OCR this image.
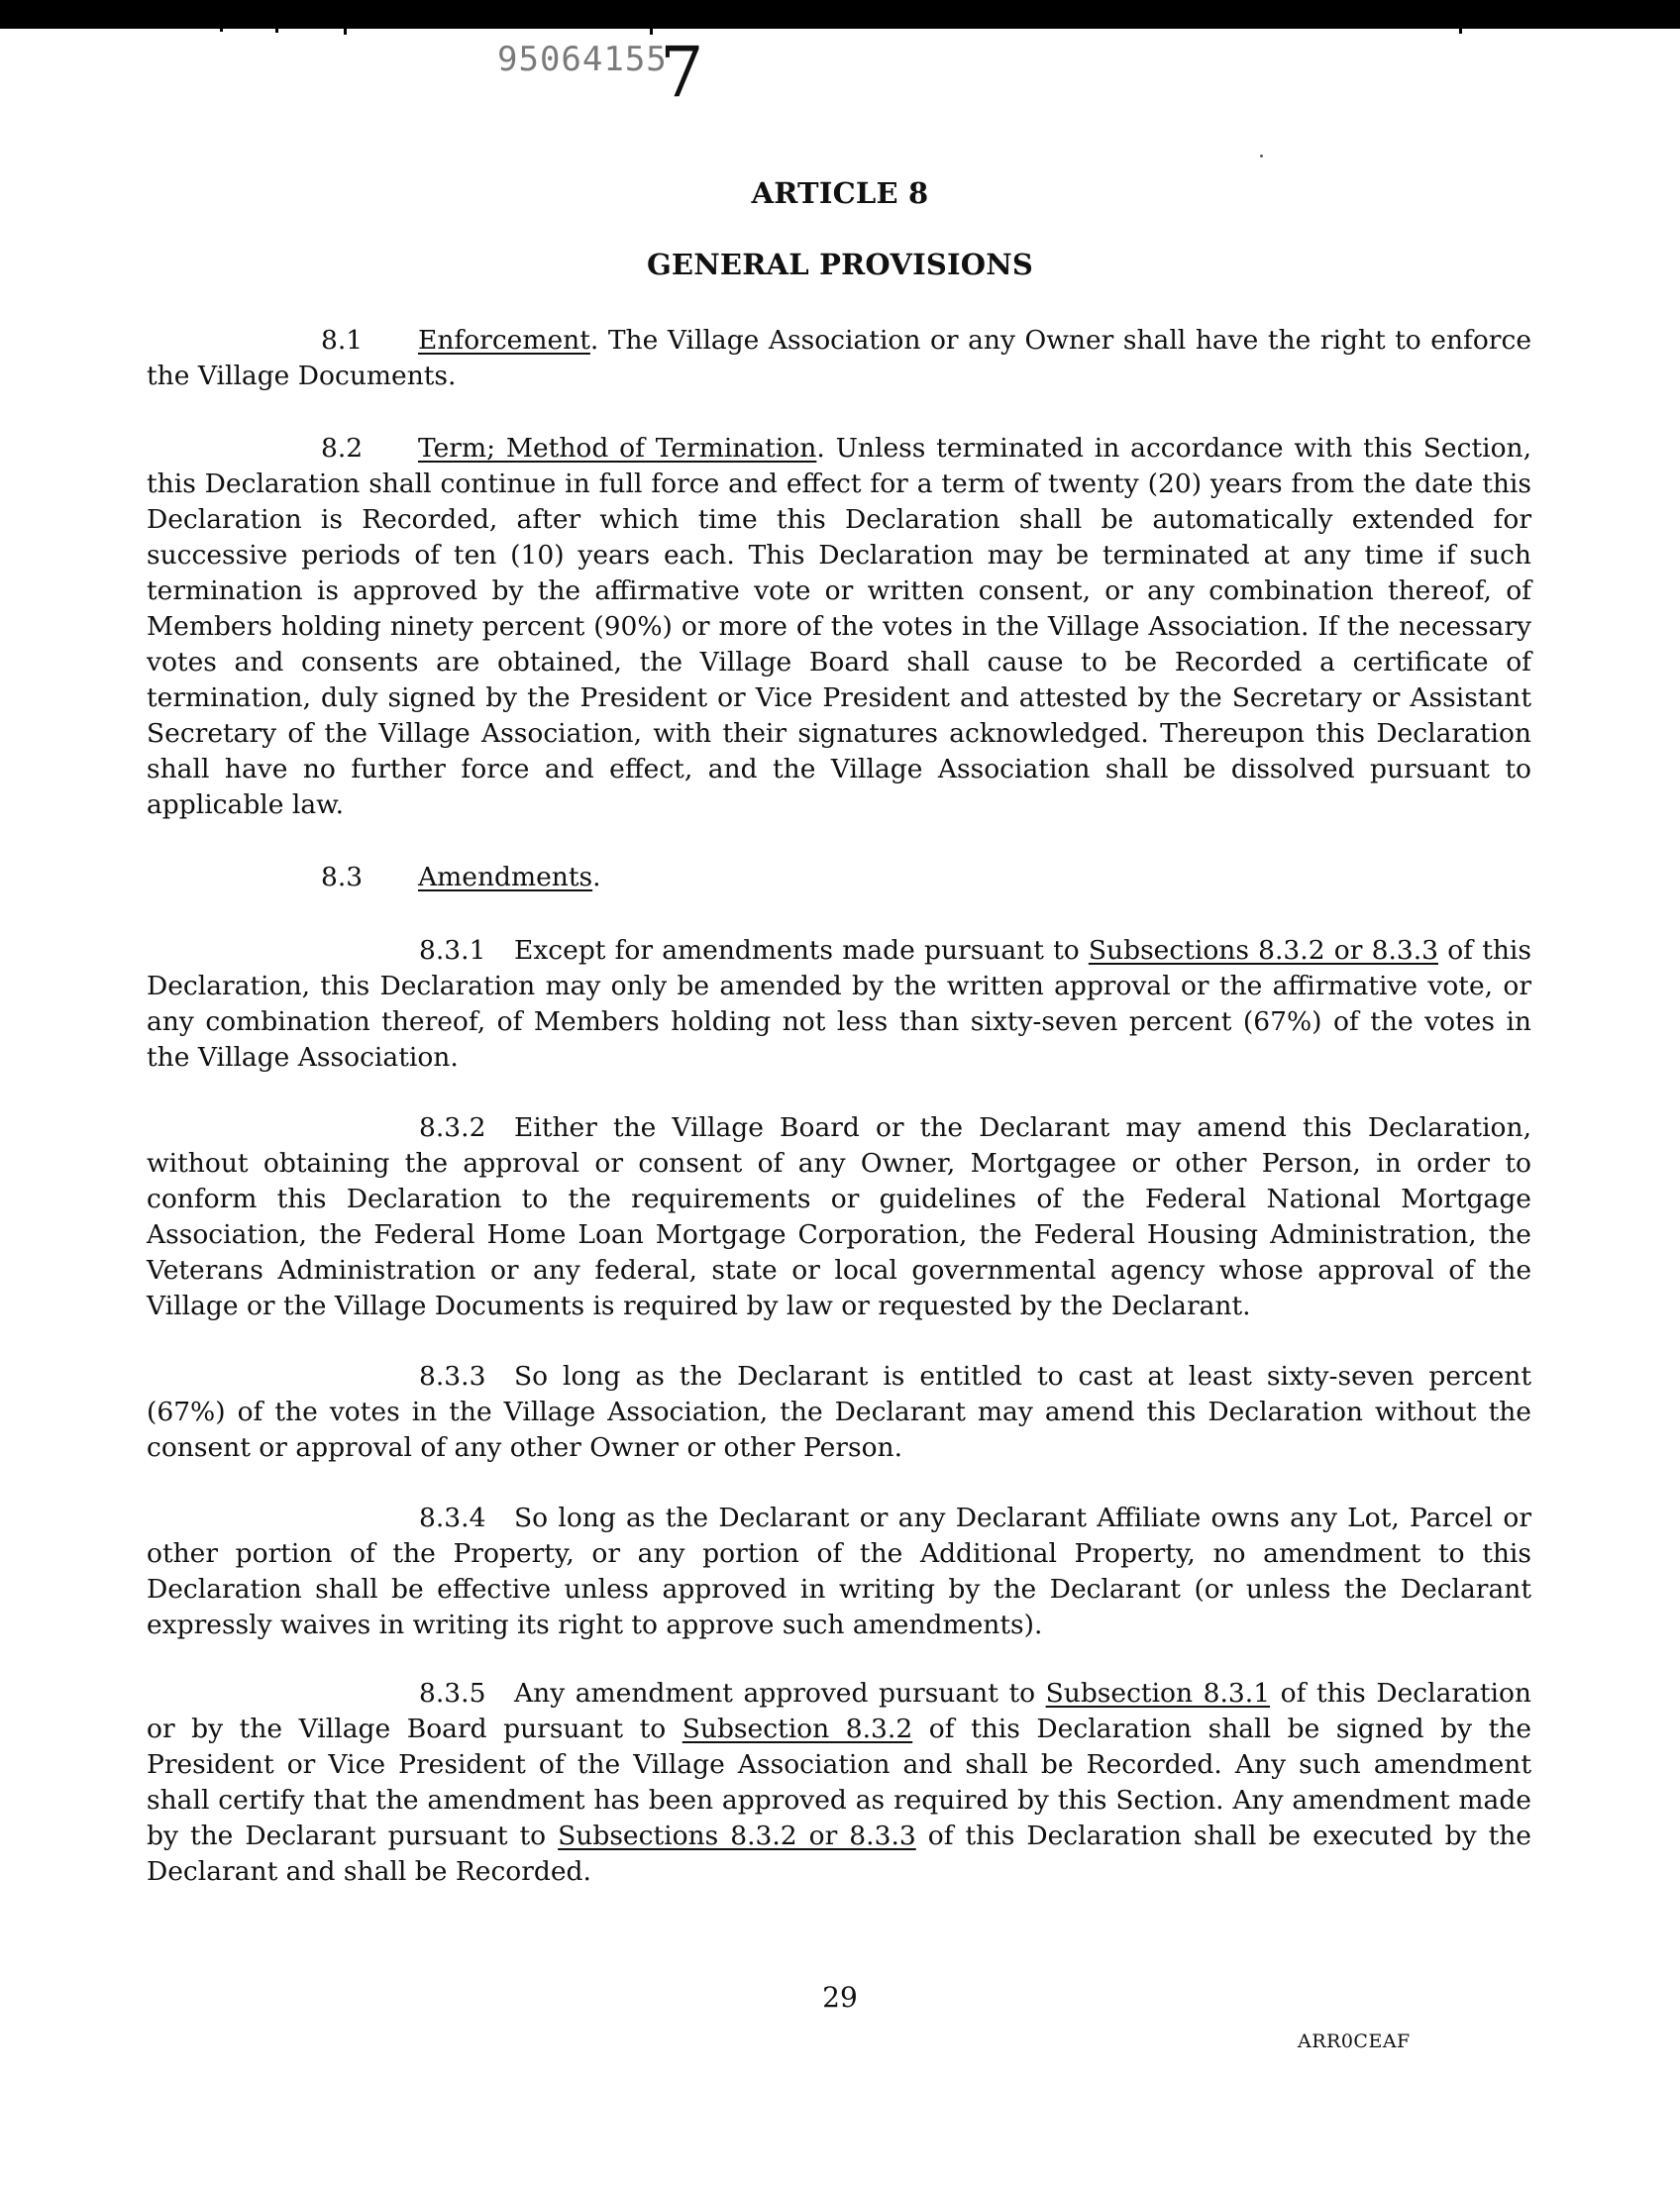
95064155
7
ARTICLE 8
GENERAL PROVISIONS
8.1 Enforcement. The Village Association or any Owner shall have the right to enforce the Village Documents.
8.2 Term; Method of Termination. Unless terminated in accordance with this Section, this Declaration shall continue in full force and effect for a term of twenty (20) years from the date this Declaration is Recorded, after which time this Declaration shall be automatically extended for successive periods of ten (10) years each. This Declaration may be terminated at any time if such termination is approved by the affirmative vote or written consent, or any combination thereof, of Members holding ninety percent (90%) or more of the votes in the Village Association. If the necessary votes and consents are obtained, the Village Board shall cause to be Recorded a certificate of termination, duly signed by the President or Vice President and attested by the Secretary or Assistant Secretary of the Village Association, with their signatures acknowledged. Thereupon this Declaration shall have no further force and effect, and the Village Association shall be dissolved pursuant to applicable law.
8.3 Amendments.
8.3.1 Except for amendments made pursuant to Subsections 8.3.2 or 8.3.3 of this Declaration, this Declaration may only be amended by the written approval or the affirmative vote, or any combination thereof, of Members holding not less than sixty-seven percent (67%) of the votes in the Village Association.
8.3.2 Either the Village Board or the Declarant may amend this Declaration, without obtaining the approval or consent of any Owner, Mortgagee or other Person, in order to conform this Declaration to the requirements or guidelines of the Federal National Mortgage Association, the Federal Home Loan Mortgage Corporation, the Federal Housing Administration, the Veterans Administration or any federal, state or local governmental agency whose approval of the Village or the Village Documents is required by law or requested by the Declarant.
8.3.3 So long as the Declarant is entitled to cast at least sixty-seven percent (67%) of the votes in the Village Association, the Declarant may amend this Declaration without the consent or approval of any other Owner or other Person.
8.3.4 So long as the Declarant or any Declarant Affiliate owns any Lot, Parcel or other portion of the Property, or any portion of the Additional Property, no amendment to this Declaration shall be effective unless approved in writing by the Declarant (or unless the Declarant expressly waives in writing its right to approve such amendments).
8.3.5 Any amendment approved pursuant to Subsection 8.3.1 of this Declaration or by the Village Board pursuant to Subsection 8.3.2 of this Declaration shall be signed by the President or Vice President of the Village Association and shall be Recorded. Any such amendment shall certify that the amendment has been approved as required by this Section. Any amendment made by the Declarant pursuant to Subsections 8.3.2 or 8.3.3 of this Declaration shall be executed by the Declarant and shall be Recorded.
29
ARR0CEAF
